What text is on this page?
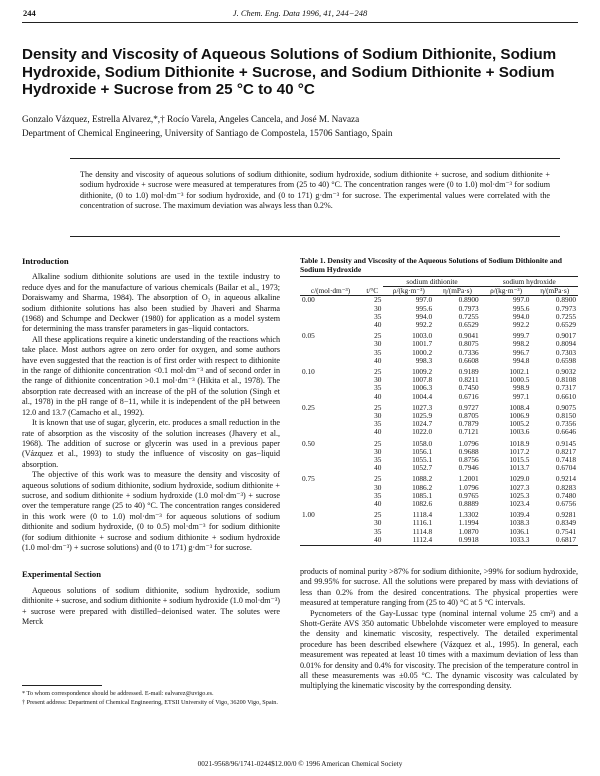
244	J. Chem. Eng. Data 1996, 41, 244−248
Density and Viscosity of Aqueous Solutions of Sodium Dithionite, Sodium Hydroxide, Sodium Dithionite + Sucrose, and Sodium Dithionite + Sodium Hydroxide + Sucrose from 25 °C to 40 °C
Gonzalo Vázquez, Estrella Alvarez,*,† Rocío Varela, Angeles Cancela, and José M. Navaza
Department of Chemical Engineering, University of Santiago de Compostela, 15706 Santiago, Spain
The density and viscosity of aqueous solutions of sodium dithionite, sodium hydroxide, sodium dithionite + sucrose, and sodium dithionite + sodium hydroxide + sucrose were measured at temperatures from (25 to 40) °C. The concentration ranges were (0 to 1.0) mol·dm⁻³ for sodium dithionite, (0 to 1.0) mol·dm⁻³ for sodium hydroxide, and (0 to 171) g·dm⁻³ for sucrose. The experimental values were correlated with the concentration of sucrose. The maximum deviation was always less than 0.2%.
Introduction

Alkaline sodium dithionite solutions are used in the textile industry to reduce dyes and for the manufacture of various chemicals (Bailar et al., 1973; Doraiswamy and Sharma, 1984). The absorption of O₂ in aqueous alkaline sodium dithionite solutions has also been studied by Jhaveri and Sharma (1968) and Schumpe and Deckwer (1980) for application as a model system for determining the mass transfer parameters in gas−liquid contactors.

All these applications require a kinetic understanding of the reactions which take place. Most authors agree on zero order for oxygen, and some authors have even suggested that the reaction is of first order with respect to dithionite in the range of dithionite concentration <0.1 mol·dm⁻³ and of second order in the range of dithionite concentration >0.1 mol·dm⁻³ (Hikita et al., 1978). The absorption rate decreased with an increase of the pH of the solution (Singh et al., 1978) in the pH range of 8−11, while it is independent of the pH between 12.0 and 13.7 (Camacho et al., 1992).

It is known that use of sugar, glycerin, etc. produces a small reduction in the rate of absorption as the viscosity of the solution increases (Jhavery et al., 1968). The addition of sucrose or glycerin was used in a previous paper (Vázquez et al., 1993) to study the influence of viscosity on gas−liquid absorption.

The objective of this work was to measure the density and viscosity of aqueous solutions of sodium dithionite, sodium hydroxide, sodium dithionite + sucrose, and sodium dithionite + sodium hydroxide (1.0 mol·dm⁻³) + sucrose over the temperature range (25 to 40) °C. The concentration ranges considered in this work were (0 to 1.0) mol·dm⁻³ for aqueous solutions of sodium dithionite and sodium hydroxide, (0 to 0.5) mol·dm⁻³ for sodium dithionite (for sodium dithionite + sucrose and sodium dithionite + sodium hydroxide (1.0 mol·dm⁻³) + sucrose solutions) and (0 to 171) g·dm⁻³ for sucrose.

Experimental Section

Aqueous solutions of sodium dithionite, sodium hydroxide, sodium dithionite + sucrose, and sodium dithionite + sodium hydroxide (1.0 mol·dm⁻³) + sucrose were prepared with distilled−deionised water. The solutes were Merck

* To whom correspondence should be addressed. E-mail: ealvarez@uvigo.es.
† Present address: Department of Chemical Engineering, ETSII University of Vigo, 36200 Vigo, Spain.
Table 1. Density and Viscosity of the Aqueous Solutions of Sodium Dithionite and Sodium Hydroxide
		sodium dithionite		sodium hydroxide	
c/(mol·dm⁻³)	t/°C	ρ/(kg·m⁻³)	η/(mPa·s)	ρ/(kg·m⁻³)	η/(mPa·s)
0.00	25	997.0	0.8900	997.0	0.8900
	30	995.6	0.7973	995.6	0.7973
	35	994.0	0.7255	994.0	0.7255
	40	992.2	0.6529	992.2	0.6529
0.05	25	1003.0	0.9041	999.7	0.9017
	30	1001.7	0.8075	998.2	0.8094
	35	1000.2	0.7336	996.7	0.7303
	40	998.3	0.6608	994.8	0.6598
0.10	25	1009.2	0.9189	1002.1	0.9032
	30	1007.8	0.8211	1000.5	0.8108
	35	1006.3	0.7450	998.9	0.7317
	40	1004.4	0.6716	997.1	0.6610
0.25	25	1027.3	0.9727	1008.4	0.9075
	30	1025.9	0.8705	1006.9	0.8150
	35	1024.7	0.7879	1005.2	0.7356
	40	1022.0	0.7121	1003.6	0.6646
0.50	25	1058.0	1.0796	1018.9	0.9145
	30	1056.1	0.9688	1017.2	0.8217
	35	1055.1	0.8756	1015.5	0.7418
	40	1052.7	0.7946	1013.7	0.6704
0.75	25	1088.2	1.2001	1029.0	0.9214
	30	1086.2	1.0796	1027.3	0.8283
	35	1085.1	0.9765	1025.3	0.7480
	40	1082.6	0.8889	1023.4	0.6756
1.00	25	1118.4	1.3302	1039.4	0.9281
	30	1116.1	1.1994	1038.3	0.8349
	35	1114.8	1.0870	1036.1	0.7541
	40	1112.4	0.9918	1033.3	0.6817

products of nominal purity >87% for sodium dithionite, >99% for sodium hydroxide, and 99.95% for sucrose. All the solutions were prepared by mass with deviations of less than 0.2% from the desired concentrations. The physical properties were measured at temperature ranging from (25 to 40) °C at 5 °C intervals.

Pycnometers of the Gay-Lussac type (nominal internal volume 25 cm³) and a Shott-Geräte AVS 350 automatic Ubbelohde viscometer were employed to measure the density and kinematic viscosity, respectively. The detailed experimental procedure has been described elsewhere (Vázquez et al., 1995). In general, each measurement was repeated at least 10 times with a maximum deviation of less than 0.01% for density and 0.4% for viscosity. The precision of the temperature control in all these measurements was ±0.05 °C. The dynamic viscosity was calculated by multiplying the kinematic viscosity by the corresponding density.

0021-9568/96/1741-0244$12.00/0 © 1996 American Chemical Society
